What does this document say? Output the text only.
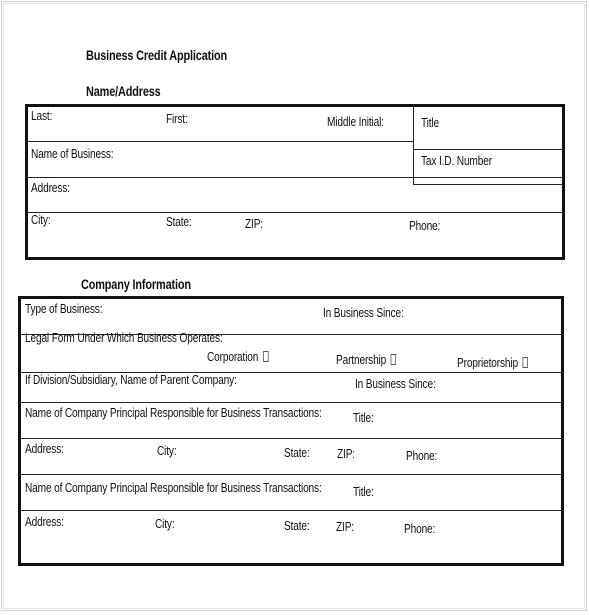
Business Credit Application
Name/Address
Last:	First:	Middle Initial:	Title
Name of Business:	Tax I.D. Number
Address:
City:	State:	ZIP:	Phone:
Company Information
Type of Business:	In Business Since:
Legal Form Under Which Business Operates:
Corporation	Partnership	Proprietorship
If Division/Subsidiary, Name of Parent Company:	In Business Since:
Name of Company Principal Responsible for Business Transactions: Title:
Address:	City:	State: ZIP:	Phone:
Name of Company Principal Responsible for Business Transactions: Title:
Address:	City:	State: ZIP:	Phone:
